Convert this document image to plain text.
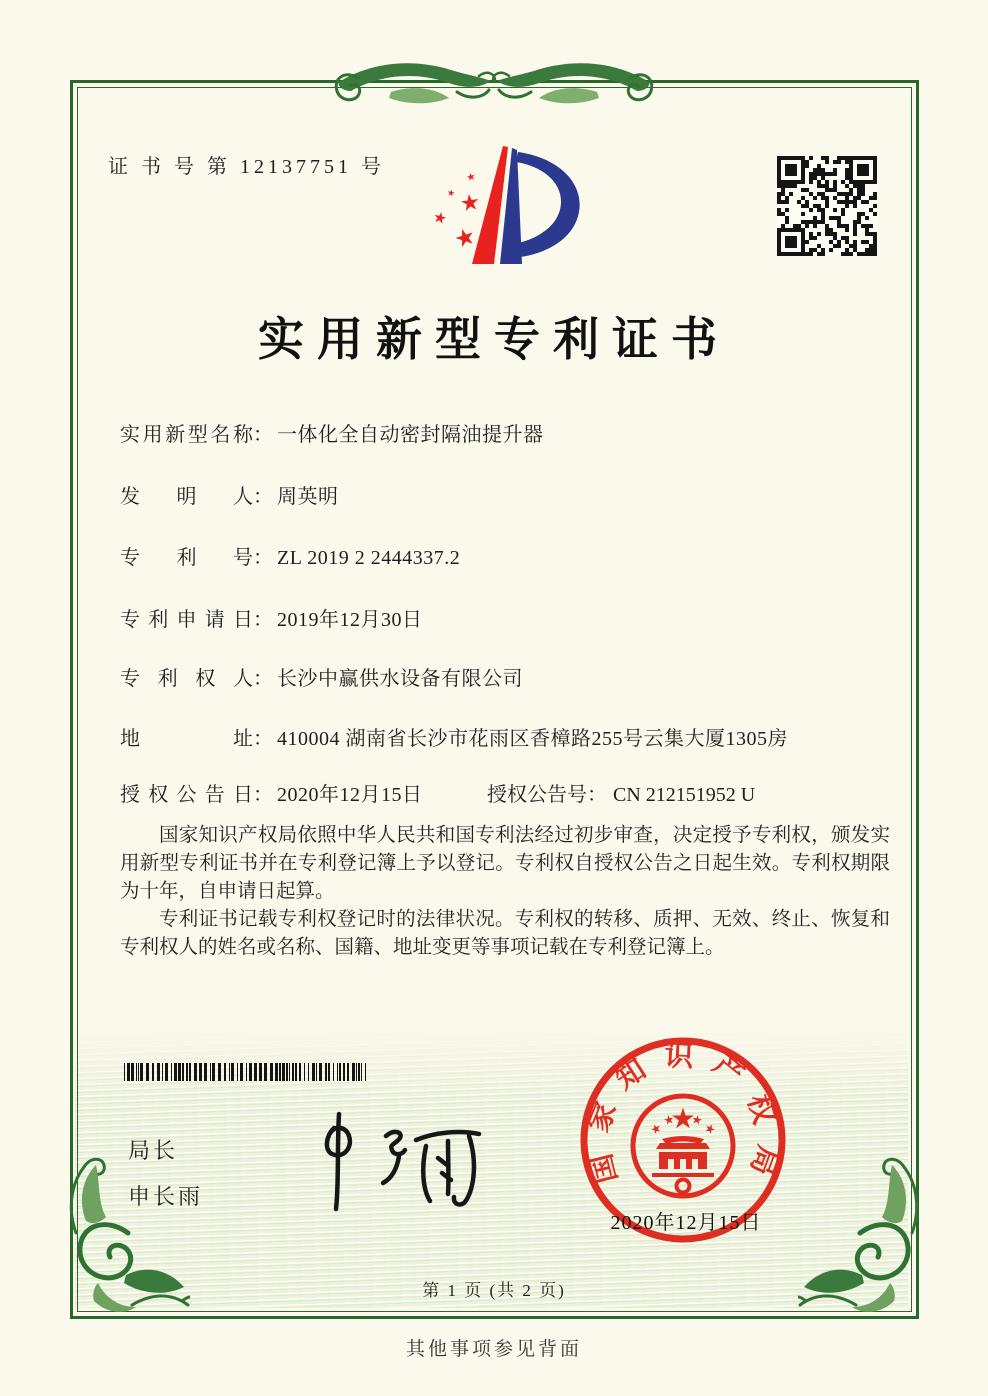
证 书 号 第 12137751 号
实用新型专利证书
实用新型名称： 一体化全自动密封隔油提升器
发明人： 周英明
专利号： ZL 2019 2 2444337.2
专利申请日： 2019年12月30日
专利权人： 长沙中赢供水设备有限公司
地址： 410004 湖南省长沙市花雨区香樟路255号云集大厦1305房
授权公告日： 2020年12月15日	授权公告号： CN 212151952 U

国家知识产权局依照中华人民共和国专利法经过初步审查，决定授予专利权，颁发实用新型专利证书并在专利登记簿上予以登记。专利权自授权公告之日起生效。专利权期限为十年，自申请日起算。

专利证书记载专利权登记时的法律状况。专利权的转移、质押、无效、终止、恢复和专利权人的姓名或名称、国籍、地址变更等事项记载在专利登记簿上。

局长
申长雨
国家知识产权局
2020年12月15日
第 1 页 (共 2 页)
其他事项参见背面
